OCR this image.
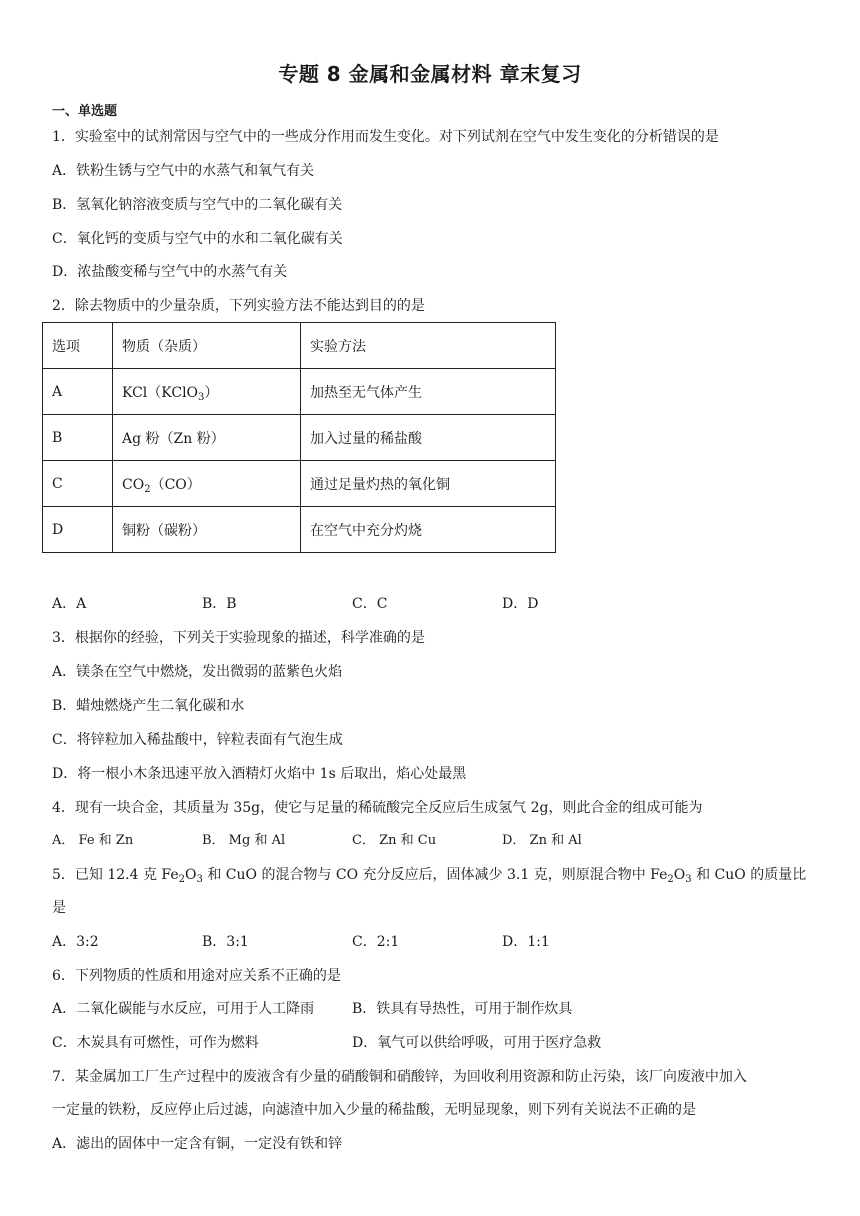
专题 8 金属和金属材料 章末复习
一、单选题
1．实验室中的试剂常因与空气中的一些成分作用而发生变化。对下列试剂在空气中发生变化的分析错误的是
A．铁粉生锈与空气中的水蒸气和氧气有关
B．氢氧化钠溶液变质与空气中的二氧化碳有关
C．氧化钙的变质与空气中的水和二氧化碳有关
D．浓盐酸变稀与空气中的水蒸气有关
2．除去物质中的少量杂质，下列实验方法不能达到目的的是
选项	物质（杂质）	实验方法
A	KCl（KClO$_3$）	加热至无气体产生
B	Ag 粉（Zn 粉）	加入过量的稀盐酸
C	$CO_2(CO)$	通过足量灼热的氧化铜
D	铜粉（碳粉）	在空气中充分灼烧
A．A	B．B	C．C	D．D
3．根据你的经验，下列关于实验现象的描述，科学准确的是
A．镁条在空气中燃烧，发出微弱的蓝紫色火焰
B．蜡烛燃烧产生二氧化碳和水
C．将锌粒加入稀盐酸中，锌粒表面有气泡生成
D．将一根小木条迅速平放入酒精灯火焰中 1s 后取出，焰心处最黑
4．现有一块合金，其质量为 35g，使它与足量的稀硫酸完全反应后生成氢气 2g，则此合金的组成可能为
A． Fe 和 Zn	B． Mg 和 Al	C． Zn 和 Cu	D． Zn 和 Al
5．已知 12.4 克 $Fe_2O_3$ 和 CuO 的混合物与 CO 充分反应后，固体减少 3.1 克，则原混合物中 $Fe_2O_3$ 和 CuO 的质量比
是
A．3:2	B．3:1	C．2:1	D．1:1
6．下列物质的性质和用途对应关系不正确的是
A．二氧化碳能与水反应，可用于人工降雨	B．铁具有导热性，可用于制作炊具
C．木炭具有可燃性，可作为燃料	D．氧气可以供给呼吸，可用于医疗急救
7．某金属加工厂生产过程中的废液含有少量的硝酸铜和硝酸锌，为回收利用资源和防止污染，该厂向废液中加入
一定量的铁粉，反应停止后过滤，向滤渣中加入少量的稀盐酸，无明显现象，则下列有关说法不正确的是
A．滤出的固体中一定含有铜，一定没有铁和锌
